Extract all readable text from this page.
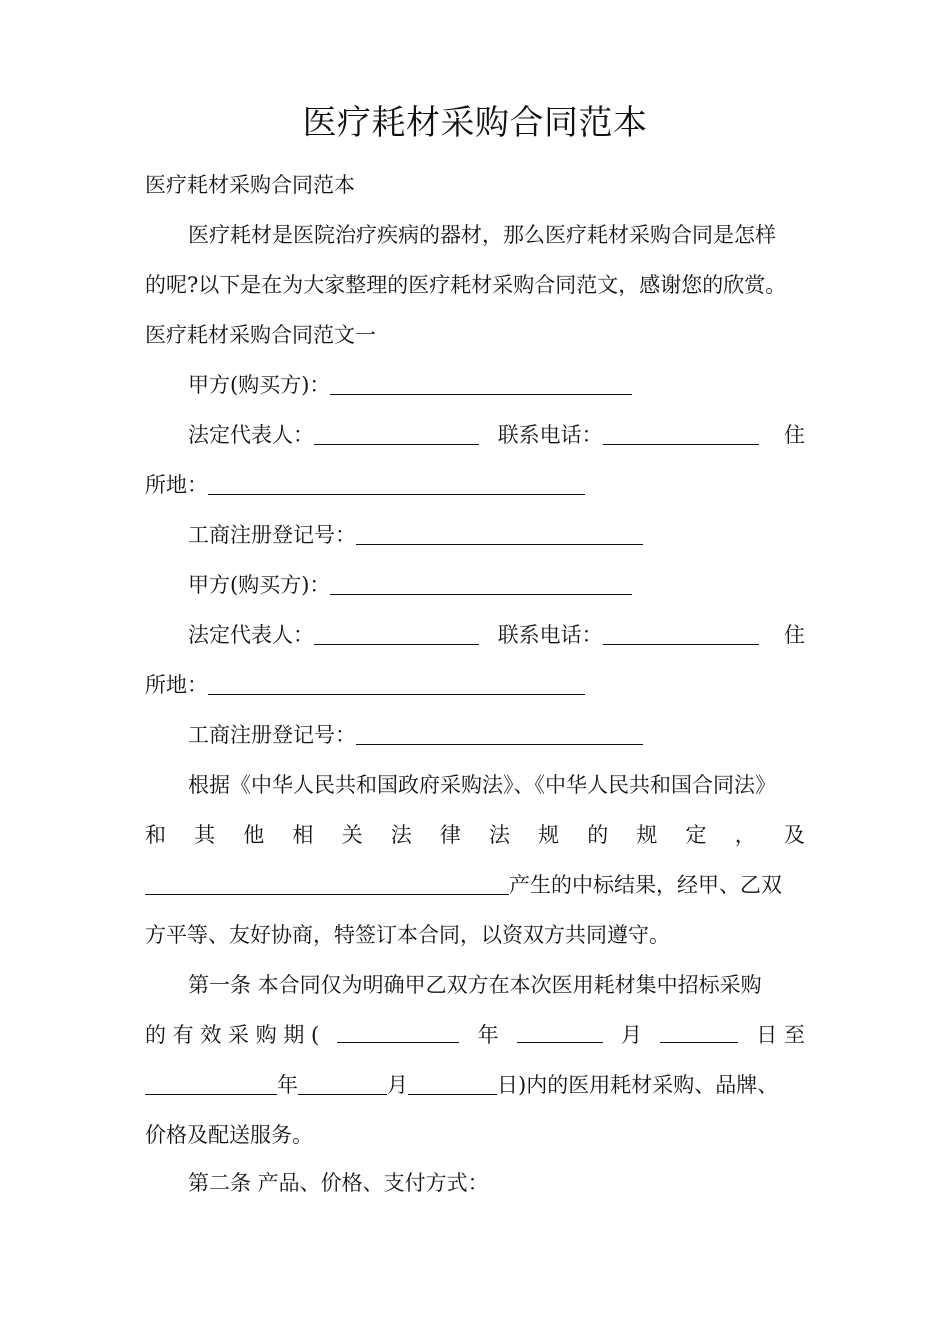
医疗耗材采购合同范本
医疗耗材采购合同范本
医疗耗材是医院治疗疾病的器材，那么医疗耗材采购合同是怎样
的呢?以下是在为大家整理的医疗耗材采购合同范文，感谢您的欣赏。
医疗耗材采购合同范文一
甲方(购买方)：
法定代表人：	联系电话：	住
所地：
工商注册登记号：
甲方(购买方)：
法定代表人：	联系电话：	住
所地：
工商注册登记号：
根据《中华人民共和国政府采购法》、《中华人民共和国合同法》
和 其 他 相 关 法 律 法 规 的 规 定 ， 及
产生的中标结果，经甲、乙双
方平等、友好协商，特签订本合同，以资双方共同遵守。
第一条 本合同仅为明确甲乙双方在本次医用耗材集中招标采购
的 有 效 采 购 期 (	年	月	日 至
年	月	日)内的医用耗材采购、品牌、
价格及配送服务。
第二条 产品、价格、支付方式：
